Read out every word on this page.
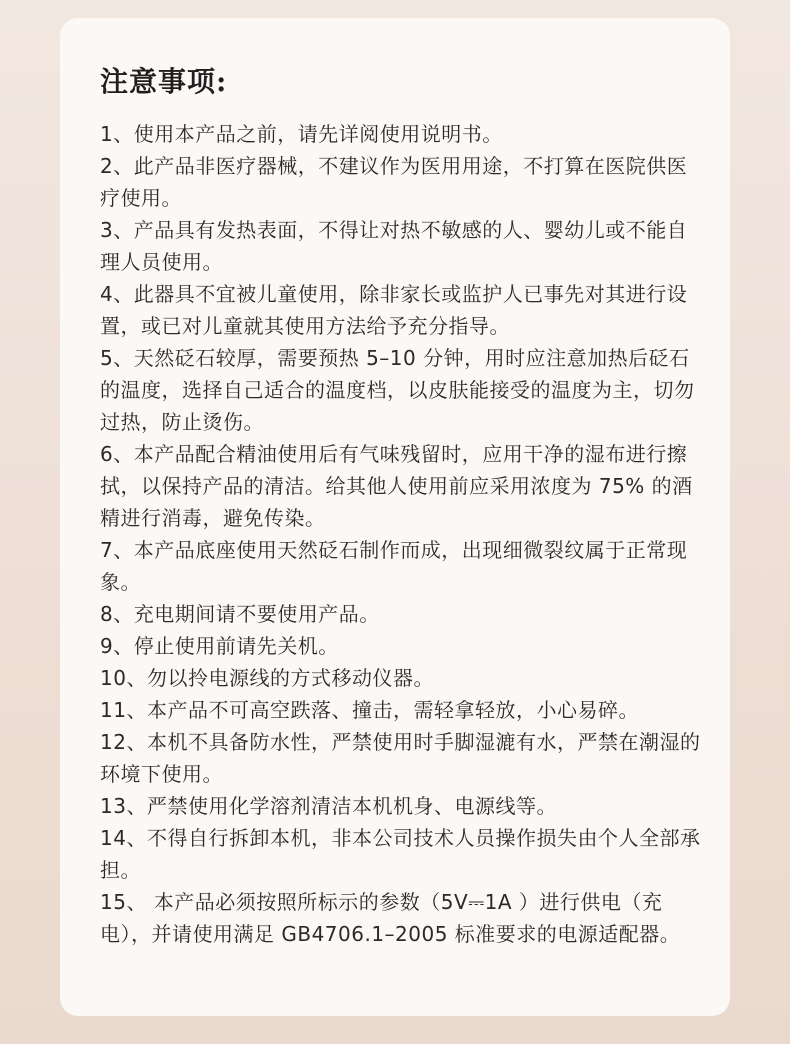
注意事项:
1、使用本产品之前，请先详阅使用说明书。
2、此产品非医疗器械，不建议作为医用用途，不打算在医院供医疗使用。
3、产品具有发热表面，不得让对热不敏感的人、婴幼儿或不能自理人员使用。
4、此器具不宜被儿童使用，除非家长或监护人已事先对其进行设置，或已对儿童就其使用方法给予充分指导。
5、天然砭石较厚，需要预热 5–10 分钟，用时应注意加热后砭石的温度，选择自己适合的温度档，以皮肤能接受的温度为主，切勿过热，防止烫伤。
6、本产品配合精油使用后有气味残留时，应用干净的湿布进行擦拭，以保持产品的清洁。给其他人使用前应采用浓度为 75% 的酒精进行消毒，避免传染。
7、本产品底座使用天然砭石制作而成，出现细微裂纹属于正常现象。
8、充电期间请不要使用产品。
9、停止使用前请先关机。
10、勿以拎电源线的方式移动仪器。
11、本产品不可高空跌落、撞击，需轻拿轻放，小心易碎。
12、本机不具备防水性，严禁使用时手脚湿漉有水，严禁在潮湿的环境下使用。
13、严禁使用化学溶剂清洁本机机身、电源线等。
14、不得自行拆卸本机，非本公司技术人员操作损失由个人全部承担。
15、 本产品必须按照所标示的参数（5V⎓1A ）进行供电（充电），并请使用满足 GB4706.1–2005 标准要求的电源适配器。
